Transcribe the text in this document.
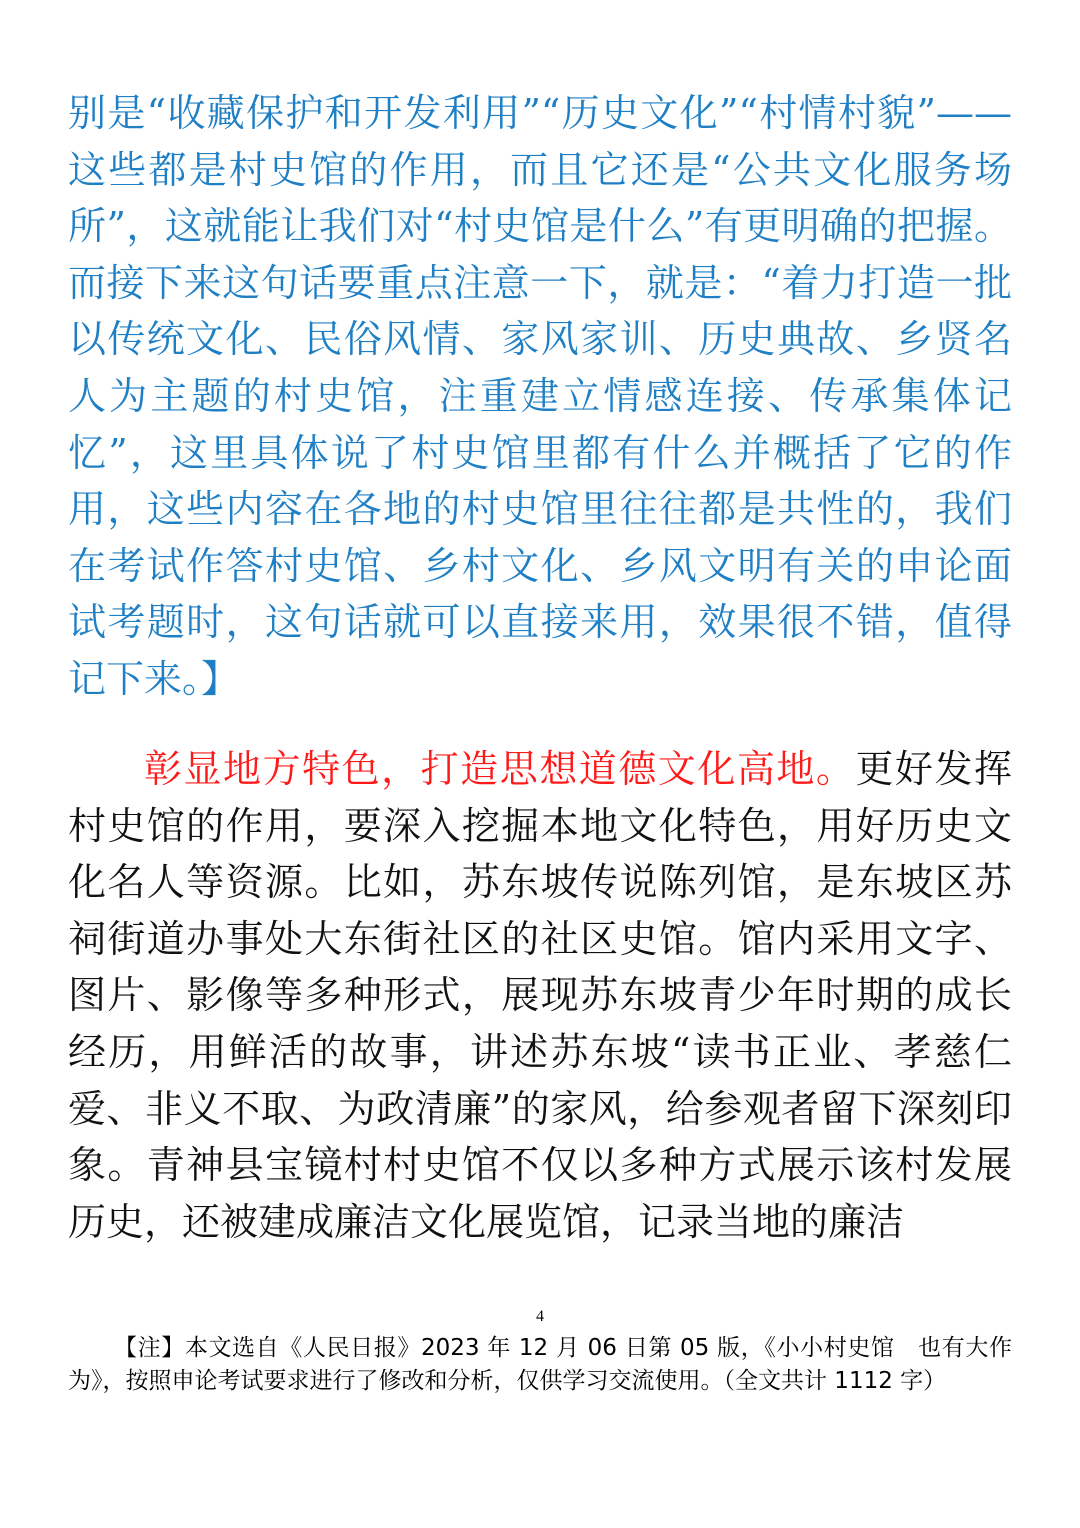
别是“收藏保护和开发利用”“历史文化”“村情村貌”——这些都是村史馆的作用，而且它还是“公共文化服务场所”，这就能让我们对“村史馆是什么”有更明确的把握。而接下来这句话要重点注意一下，就是：“着力打造一批以传统文化、民俗风情、家风家训、历史典故、乡贤名人为主题的村史馆，注重建立情感连接、传承集体记忆”，这里具体说了村史馆里都有什么并概括了它的作用，这些内容在各地的村史馆里往往都是共性的，我们在考试作答村史馆、乡村文化、乡风文明有关的申论面试考题时，这句话就可以直接来用，效果很不错，值得记下来。】

彰显地方特色，打造思想道德文化高地。更好发挥村史馆的作用，要深入挖掘本地文化特色，用好历史文化名人等资源。比如，苏东坡传说陈列馆，是东坡区苏祠街道办事处大东街社区的社区史馆。馆内采用文字、图片、影像等多种形式，展现苏东坡青少年时期的成长经历，用鲜活的故事，讲述苏东坡“读书正业、孝慈仁爱、非义不取、为政清廉”的家风，给参观者留下深刻印象。青神县宝镜村村史馆不仅以多种方式展示该村发展历史，还被建成廉洁文化展览馆，记录当地的廉洁

4

【注】本文选自《人民日报》2023 年 12 月 06 日第 05 版，《小小村史馆　也有大作为》，按照申论考试要求进行了修改和分析，仅供学习交流使用。（全文共计 1112 字）
